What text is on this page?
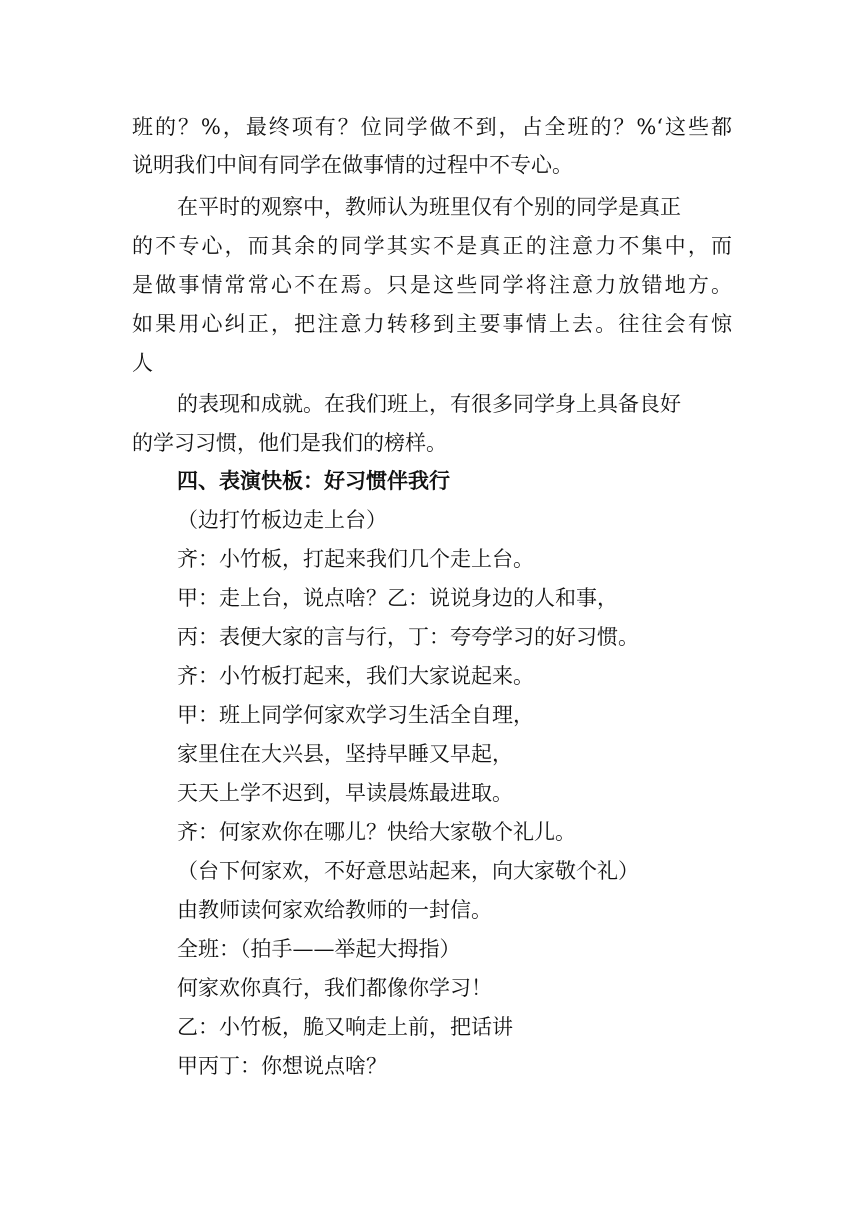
班的？%，最终项有？位同学做不到，占全班的？%‘这些都
说明我们中间有同学在做事情的过程中不专心。
在平时的观察中，教师认为班里仅有个别的同学是真正
的不专心，而其余的同学其实不是真正的注意力不集中，而
是做事情常常心不在焉。只是这些同学将注意力放错地方。
如果用心纠正，把注意力转移到主要事情上去。往往会有惊
人
的表现和成就。在我们班上，有很多同学身上具备良好
的学习习惯，他们是我们的榜样。
四、表演快板：好习惯伴我行
（边打竹板边走上台）
齐：小竹板，打起来我们几个走上台。
甲：走上台，说点啥？乙：说说身边的人和事，
丙：表便大家的言与行，丁：夸夸学习的好习惯。
齐：小竹板打起来，我们大家说起来。
甲：班上同学何家欢学习生活全自理，
家里住在大兴县，坚持早睡又早起，
天天上学不迟到，早读晨炼最进取。
齐：何家欢你在哪儿？快给大家敬个礼儿。
（台下何家欢，不好意思站起来，向大家敬个礼）
由教师读何家欢给教师的一封信。
全班：（拍手——举起大拇指）
何家欢你真行，我们都像你学习！
乙：小竹板，脆又响走上前，把话讲
甲丙丁：你想说点啥？
